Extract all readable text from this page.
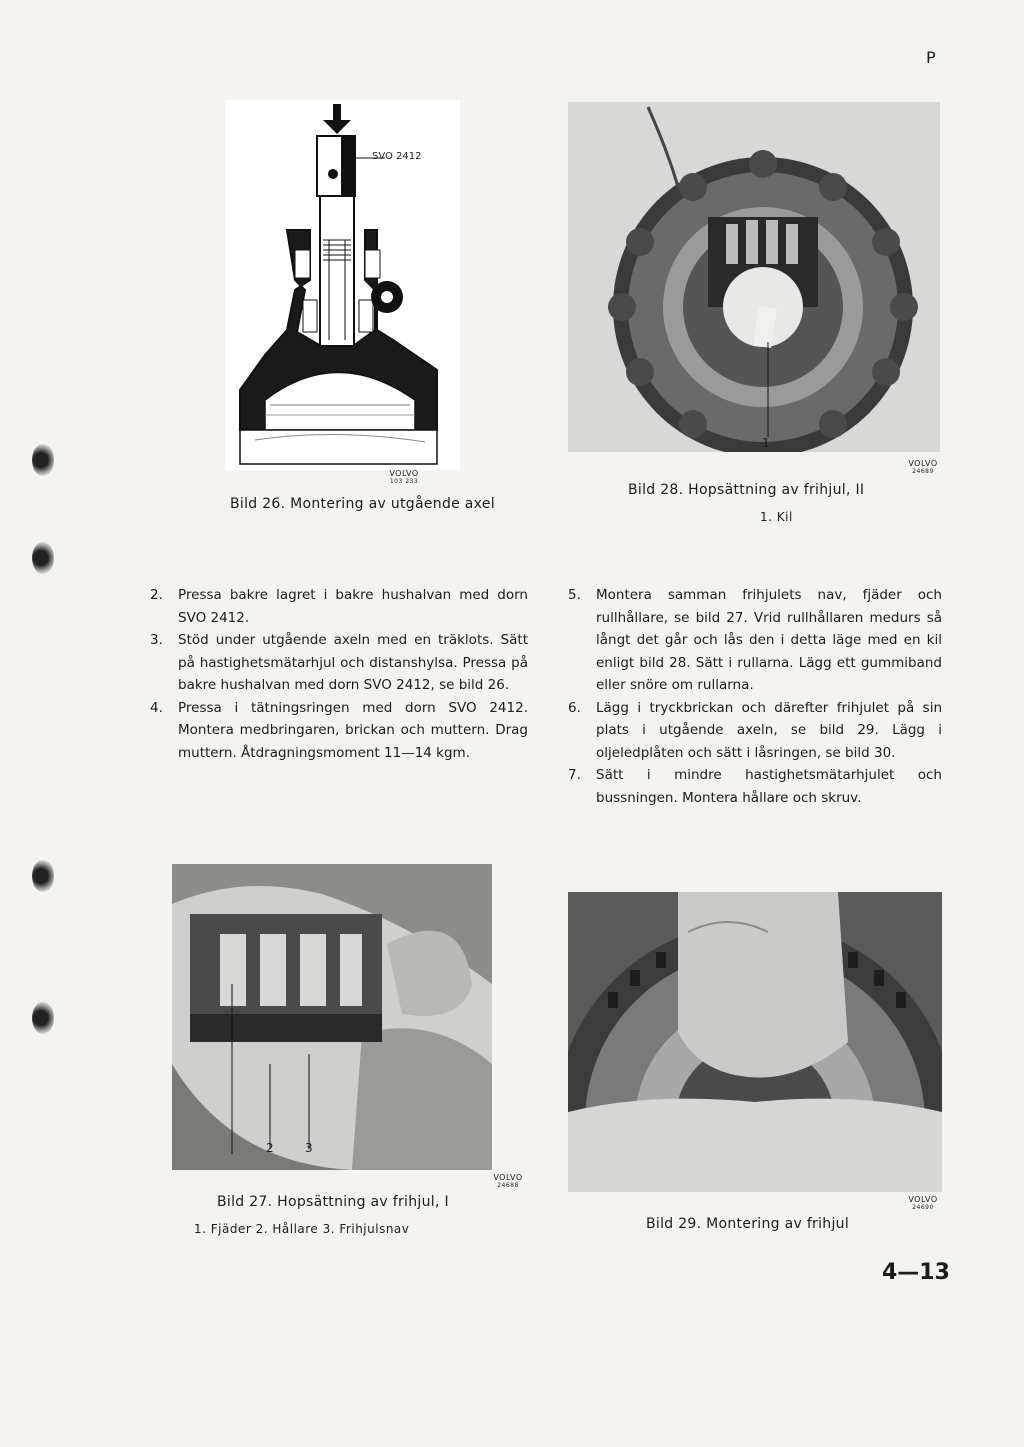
P
SVO 2412
VOLVO
103 233
Bild 26. Montering av utgående axel
1
VOLVO
24689
Bild 28. Hopsättning av frihjul, II
1. Kil
2. Pressa bakre lagret i bakre hushalvan med dorn SVO 2412.
3. Stöd under utgående axeln med en träklots. Sätt på hastighetsmätarhjul och distanshylsa. Pressa på bakre hushalvan med dorn SVO 2412, se bild 26.
4. Pressa i tätningsringen med dorn SVO 2412. Montera medbringaren, brickan och muttern. Drag muttern. Åtdragningsmoment 11—14 kgm.
5. Montera samman frihjulets nav, fjäder och rullhållare, se bild 27. Vrid rullhållaren medurs så långt det går och lås den i detta läge med en kil enligt bild 28. Sätt i rullarna. Lägg ett gummiband eller snöre om rullarna.
6. Lägg i tryckbrickan och därefter frihjulet på sin plats i utgående axeln, se bild 29. Lägg i oljeledplåten och sätt i låsringen, se bild 30.
7. Sätt i mindre hastighetsmätarhjulet och bussningen. Montera hållare och skruv.
2	3
VOLVO
24688
Bild 27. Hopsättning av frihjul, I
1. Fjäder 2. Hållare 3. Frihjulsnav
VOLVO
24690
Bild 29. Montering av frihjul
4—13
